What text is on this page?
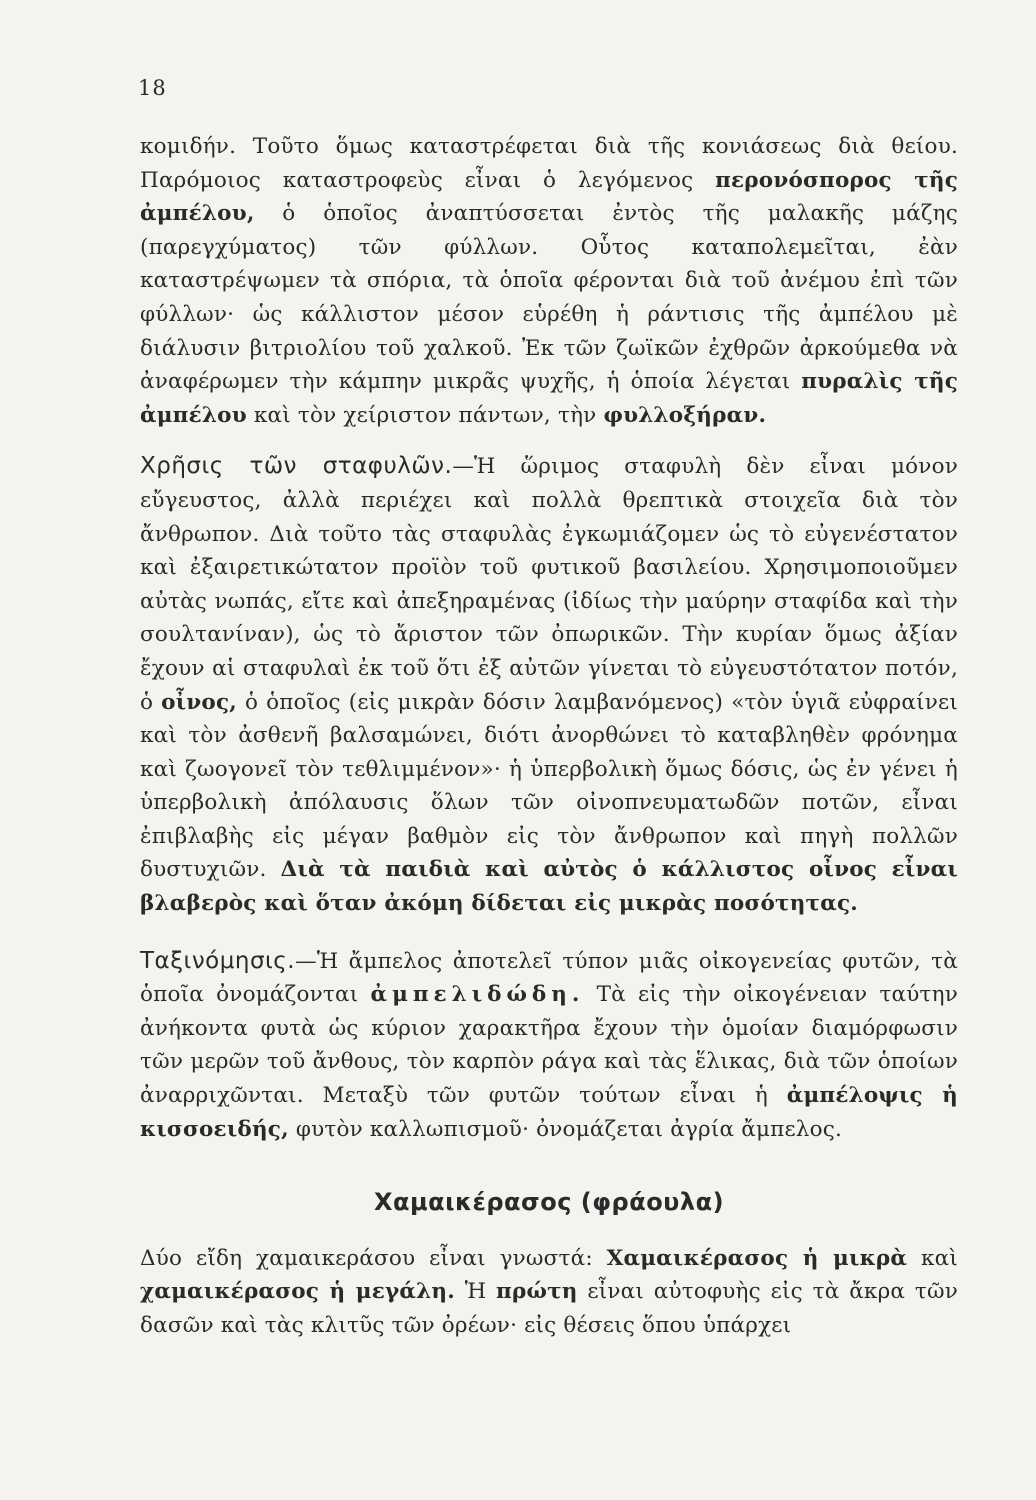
18

κομιδήν. Τοῦτο ὅμως καταστρέφεται διὰ τῆς κονιάσεως διὰ θείου. Παρόμοιος καταστροφεὺς εἶναι ὁ λεγόμενος περονόσπορος τῆς ἀμπέλου, ὁ ὁποῖος ἀναπτύσσεται ἐντὸς τῆς μαλακῆς μάζης (παρεγχύματος) τῶν φύλλων. Οὗτος καταπολεμεῖται, ἐὰν καταστρέψωμεν τὰ σπόρια, τὰ ὁποῖα φέρονται διὰ τοῦ ἀνέμου ἐπὶ τῶν φύλλων· ὡς κάλλιστον μέσον εὑρέθη ἡ ράντισις τῆς ἀμπέλου μὲ διάλυσιν βιτριολίου τοῦ χαλκοῦ. Ἐκ τῶν ζωϊκῶν ἐχθρῶν ἀρκούμεθα νὰ ἀναφέρωμεν τὴν κάμπην μικρᾶς ψυχῆς, ἡ ὁποία λέγεται πυραλὶς τῆς ἀμπέλου καὶ τὸν χείριστον πάντων, τὴν φυλλοξήραν.

Χρῆσις τῶν σταφυλῶν.—Ἡ ὥριμος σταφυλὴ δὲν εἶναι μόνον εὔγευστος, ἀλλὰ περιέχει καὶ πολλὰ θρεπτικὰ στοιχεῖα διὰ τὸν ἄνθρωπον. Διὰ τοῦτο τὰς σταφυλὰς ἐγκωμιάζομεν ὡς τὸ εὐγενέστατον καὶ ἐξαιρετικώτατον προϊὸν τοῦ φυτικοῦ βασιλείου. Χρησιμοποιοῦμεν αὐτὰς νωπάς, εἴτε καὶ ἀπεξηραμένας (ἰδίως τὴν μαύρην σταφίδα καὶ τὴν σουλτανίναν), ὡς τὸ ἄριστον τῶν ὀπωρικῶν. Τὴν κυρίαν ὅμως ἀξίαν ἔχουν αἱ σταφυλαὶ ἐκ τοῦ ὅτι ἐξ αὐτῶν γίνεται τὸ εὐγευστότατον ποτόν, ὁ οἶνος, ὁ ὁποῖος (εἰς μικρὰν δόσιν λαμβανόμενος) «τὸν ὑγιᾶ εὐφραίνει καὶ τὸν ἀσθενῆ βαλσαμώνει, διότι ἀνορθώνει τὸ καταβληθὲν φρόνημα καὶ ζωογονεῖ τὸν τεθλιμμένον»· ἡ ὑπερβολικὴ ὅμως δόσις, ὡς ἐν γένει ἡ ὑπερβολικὴ ἀπόλαυσις ὅλων τῶν οἰνοπνευματωδῶν ποτῶν, εἶναι ἐπιβλαβὴς εἰς μέγαν βαθμὸν εἰς τὸν ἄνθρωπον καὶ πηγὴ πολλῶν δυστυχιῶν. Διὰ τὰ παιδιὰ καὶ αὐτὸς ὁ κάλλιστος οἶνος εἶναι βλαβερὸς καὶ ὅταν ἀκόμη δίδεται εἰς μικρὰς ποσότητας.

Ταξινόμησις.—Ἡ ἄμπελος ἀποτελεῖ τύπον μιᾶς οἰκογενείας φυτῶν, τὰ ὁποῖα ὀνομάζονται ἀμπελιδώδη. Τὰ εἰς τὴν οἰκογένειαν ταύτην ἀνήκοντα φυτὰ ὡς κύριον χαρακτῆρα ἔχουν τὴν ὁμοίαν διαμόρφωσιν τῶν μερῶν τοῦ ἄνθους, τὸν καρπὸν ράγα καὶ τὰς ἕλικας, διὰ τῶν ὁποίων ἀναρριχῶνται. Μεταξὺ τῶν φυτῶν τούτων εἶναι ἡ ἀμπέλοψις ἡ κισσοειδής, φυτὸν καλλωπισμοῦ· ὀνομάζεται ἀγρία ἄμπελος.

Χαμαικέρασος (φράουλα)

Δύο εἴδη χαμαικεράσου εἶναι γνωστά: Χαμαικέρασος ἡ μικρὰ καὶ χαμαικέρασος ἡ μεγάλη. Ἡ πρώτη εἶναι αὐτοφυὴς εἰς τὰ ἄκρα τῶν δασῶν καὶ τὰς κλιτῦς τῶν ὀρέων· εἰς θέσεις ὅπου ὑπάρχει
